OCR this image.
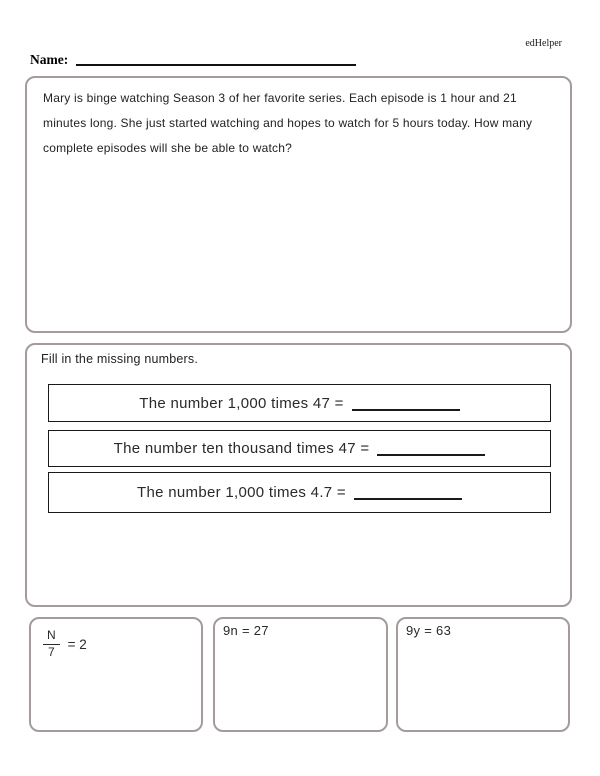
edHelper
Name:
Mary is binge watching Season 3 of her favorite series. Each episode is 1 hour and 21
minutes long. She just started watching and hopes to watch for 5 hours today. How many
complete episodes will she be able to watch?
Fill in the missing numbers.
The number 1,000 times 47 =
The number ten thousand times 47 =
The number 1,000 times 4.7 =
$\frac{N}{7} = 2$
9n = 27	9y = 63
